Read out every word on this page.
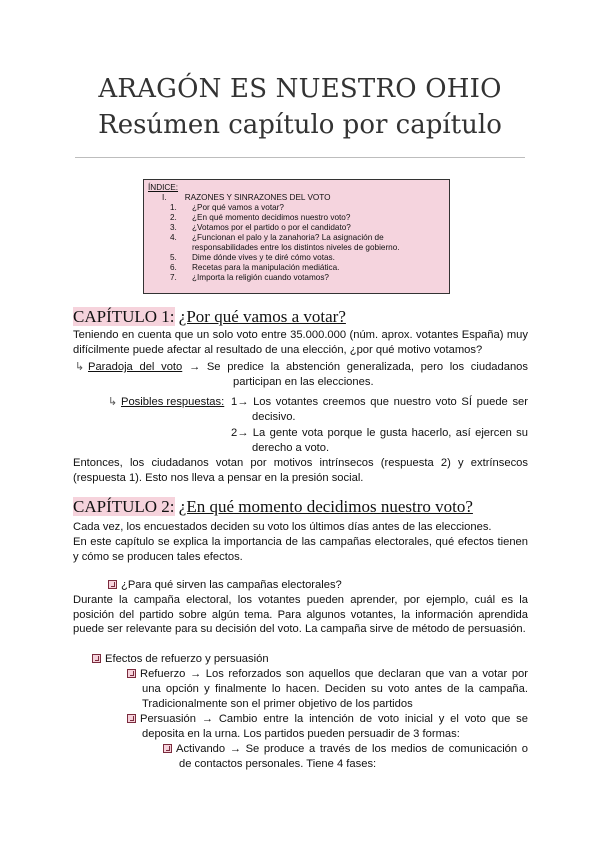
ARAGÓN ES NUESTRO OHIO
Resúmen capítulo por capítulo
ÍNDICE:
I.        RAZONES Y SINRAZONES DEL VOTO
1. ¿Por qué vamos a votar?
2. ¿En qué momento decidimos nuestro voto?
3. ¿Votamos por el partido o por el candidato?
4. ¿Funcionan el palo y la zanahoria? La asignación de
responsabilidades entre los distintos niveles de gobierno.
5. Dime dónde vives y te diré cómo votas.
6. Recetas para la manipulación mediática.
7. ¿Importa la religión cuando votamos?
CAPÍTULO 1: ¿Por qué vamos a votar?
Teniendo en cuenta que un solo voto entre 35.000.000 (núm. aprox. votantes España) muy difícilmente puede afectar al resultado de una elección, ¿por qué motivo votamos?
↳ Paradoja del voto → Se predice la abstención generalizada, pero los ciudadanos
participan en las elecciones.
↳ Posibles respuestas: 1→ Los votantes creemos que nuestro voto SÍ puede ser
decisivo.
2→ La gente vota porque le gusta hacerlo, así ejercen su
derecho a voto.
Entonces, los ciudadanos votan por motivos intrínsecos (respuesta 2) y extrínsecos (respuesta 1). Esto nos lleva a pensar en la presión social.
CAPÍTULO 2: ¿En qué momento decidimos nuestro voto?
Cada vez, los encuestados deciden su voto los últimos días antes de las elecciones.
En este capítulo se explica la importancia de las campañas electorales, qué efectos tienen y cómo se producen tales efectos.
¿Para qué sirven las campañas electorales?
Durante la campaña electoral, los votantes pueden aprender, por ejemplo, cuál es la posición del partido sobre algún tema. Para algunos votantes, la información aprendida puede ser relevante para su decisión del voto. La campaña sirve de método de persuasión.
Efectos de refuerzo y persuasión
Refuerzo → Los reforzados son aquellos que declaran que van a votar por
una opción y finalmente lo hacen. Deciden su voto antes de la campaña.
Tradicionalmente son el primer objetivo de los partidos
Persuasión → Cambio entre la intención de voto inicial y el voto que se
deposita en la urna. Los partidos pueden persuadir de 3 formas:
Activando → Se produce a través de los medios de comunicación o
de contactos personales. Tiene 4 fases:
